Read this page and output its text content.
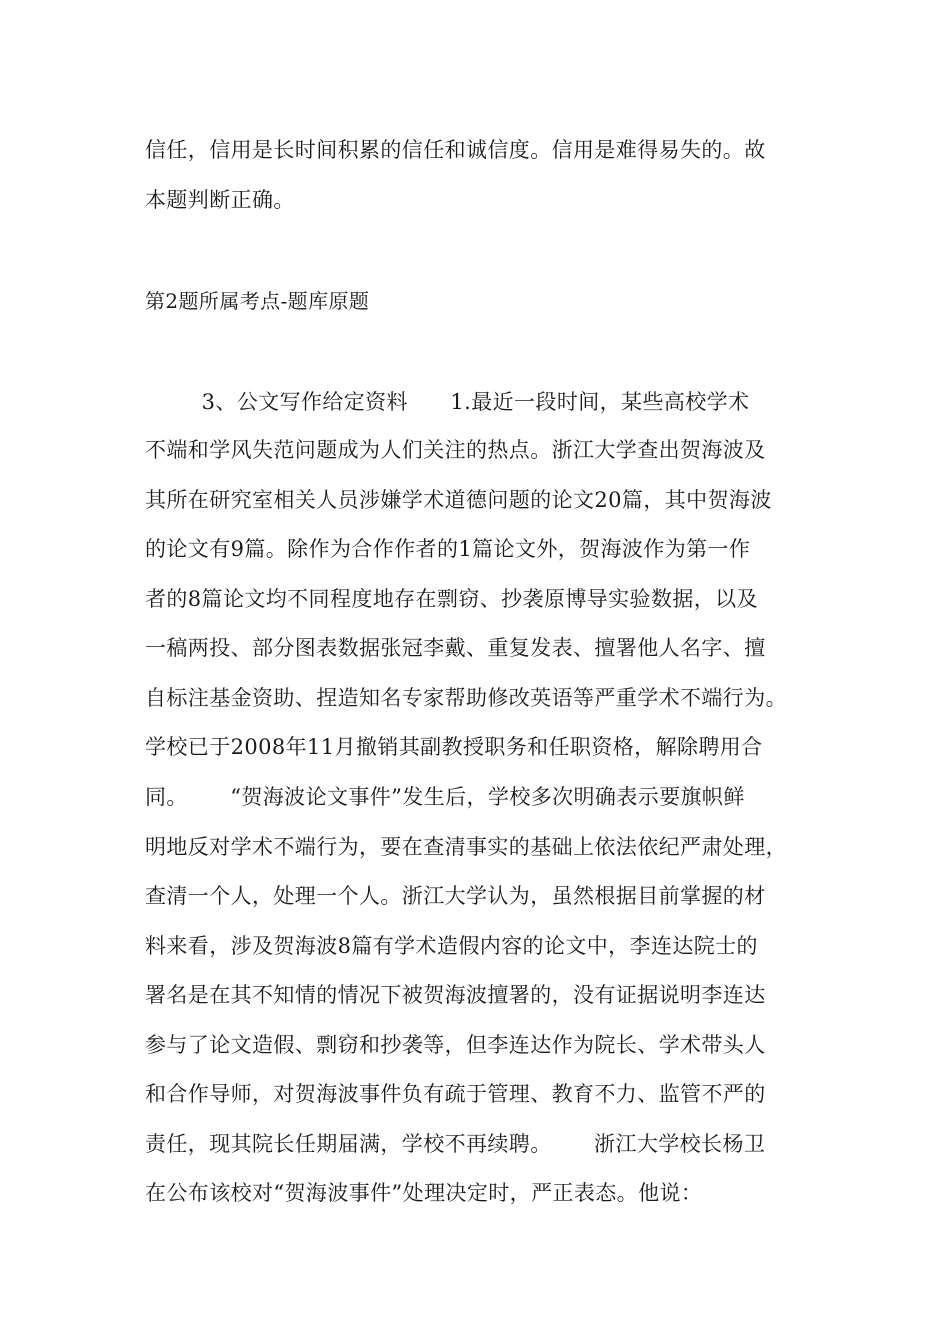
信任，信用是长时间积累的信任和诚信度。信用是难得易失的。故
本题判断正确。
第2题所属考点-题库原题
3、公文写作给定资料      1.最近一段时间，某些高校学术
不端和学风失范问题成为人们关注的热点。浙江大学查出贺海波及
其所在研究室相关人员涉嫌学术道德问题的论文20篇，其中贺海波
的论文有9篇。除作为合作作者的1篇论文外，贺海波作为第一作
者的8篇论文均不同程度地存在剽窃、抄袭原博导实验数据，以及
一稿两投、部分图表数据张冠李戴、重复发表、擅署他人名字、擅
自标注基金资助、捏造知名专家帮助修改英语等严重学术不端行为。
学校已于2008年11月撤销其副教授职务和任职资格，解除聘用合
同。      “贺海波论文事件”发生后，学校多次明确表示要旗帜鲜
明地反对学术不端行为，要在查清事实的基础上依法依纪严肃处理，
查清一个人，处理一个人。浙江大学认为，虽然根据目前掌握的材
料来看，涉及贺海波8篇有学术造假内容的论文中，李连达院士的
署名是在其不知情的情况下被贺海波擅署的，没有证据说明李连达
参与了论文造假、剽窃和抄袭等，但李连达作为院长、学术带头人
和合作导师，对贺海波事件负有疏于管理、教育不力、监管不严的
责任，现其院长任期届满，学校不再续聘。      浙江大学校长杨卫
在公布该校对“贺海波事件”处理决定时，严正表态。他说：
